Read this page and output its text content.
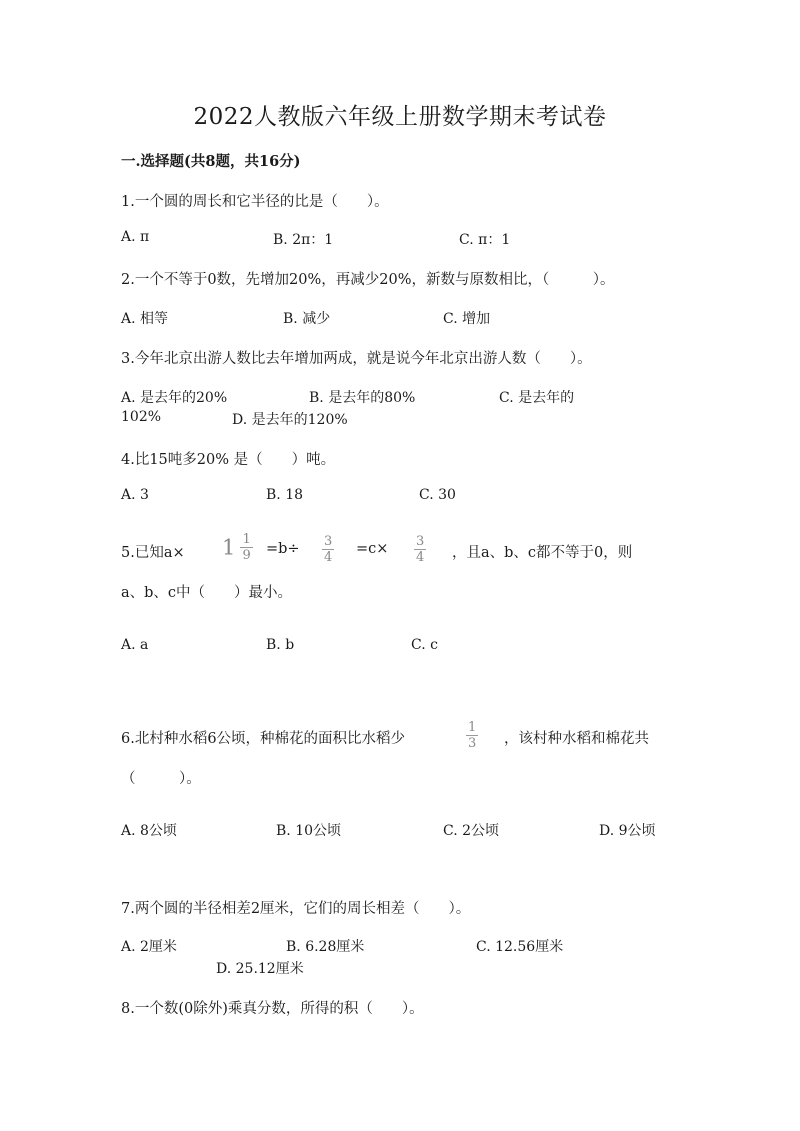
2022人教版六年级上册数学期末考试卷
一.选择题(共8题，共16分)
1.一个圆的周长和它半径的比是（　　）。
A. π	B. 2π：1	C. π：1
2.一个不等于0数，先增加20%，再减少20%，新数与原数相比，（　　　）。
A. 相等	B. 减少	C. 增加
3.今年北京出游人数比去年增加两成，就是说今年北京出游人数（　　）。
A. 是去年的20%	B. 是去年的80%	C. 是去年的
102%	D. 是去年的120%
4.比15吨多20% 是（　　）吨。
A. 3	B. 18	C. 30
5.已知$a\times 1 \frac{1}{9} =b\div \frac{3}{4} =c\times \frac{3}{4}$ ，且a、b、c都不等于0，则
a、b、c中（　　）最小。
A. a	B. b	C. c
6.北村种水稻6公顷，种棉花的面积比水稻少	$\frac{1}{3}$ ，该村种水稻和棉花共
（　　　）。
A. 8公顷	B. 10公顷	C. 2公顷	D. 9公顷
7.两个圆的半径相差2厘米，它们的周长相差（　　）。
A. 2厘米	B. 6.28厘米	C. 12.56厘米
D. 25.12厘米
8.一个数(0除外)乘真分数，所得的积（　　）。
